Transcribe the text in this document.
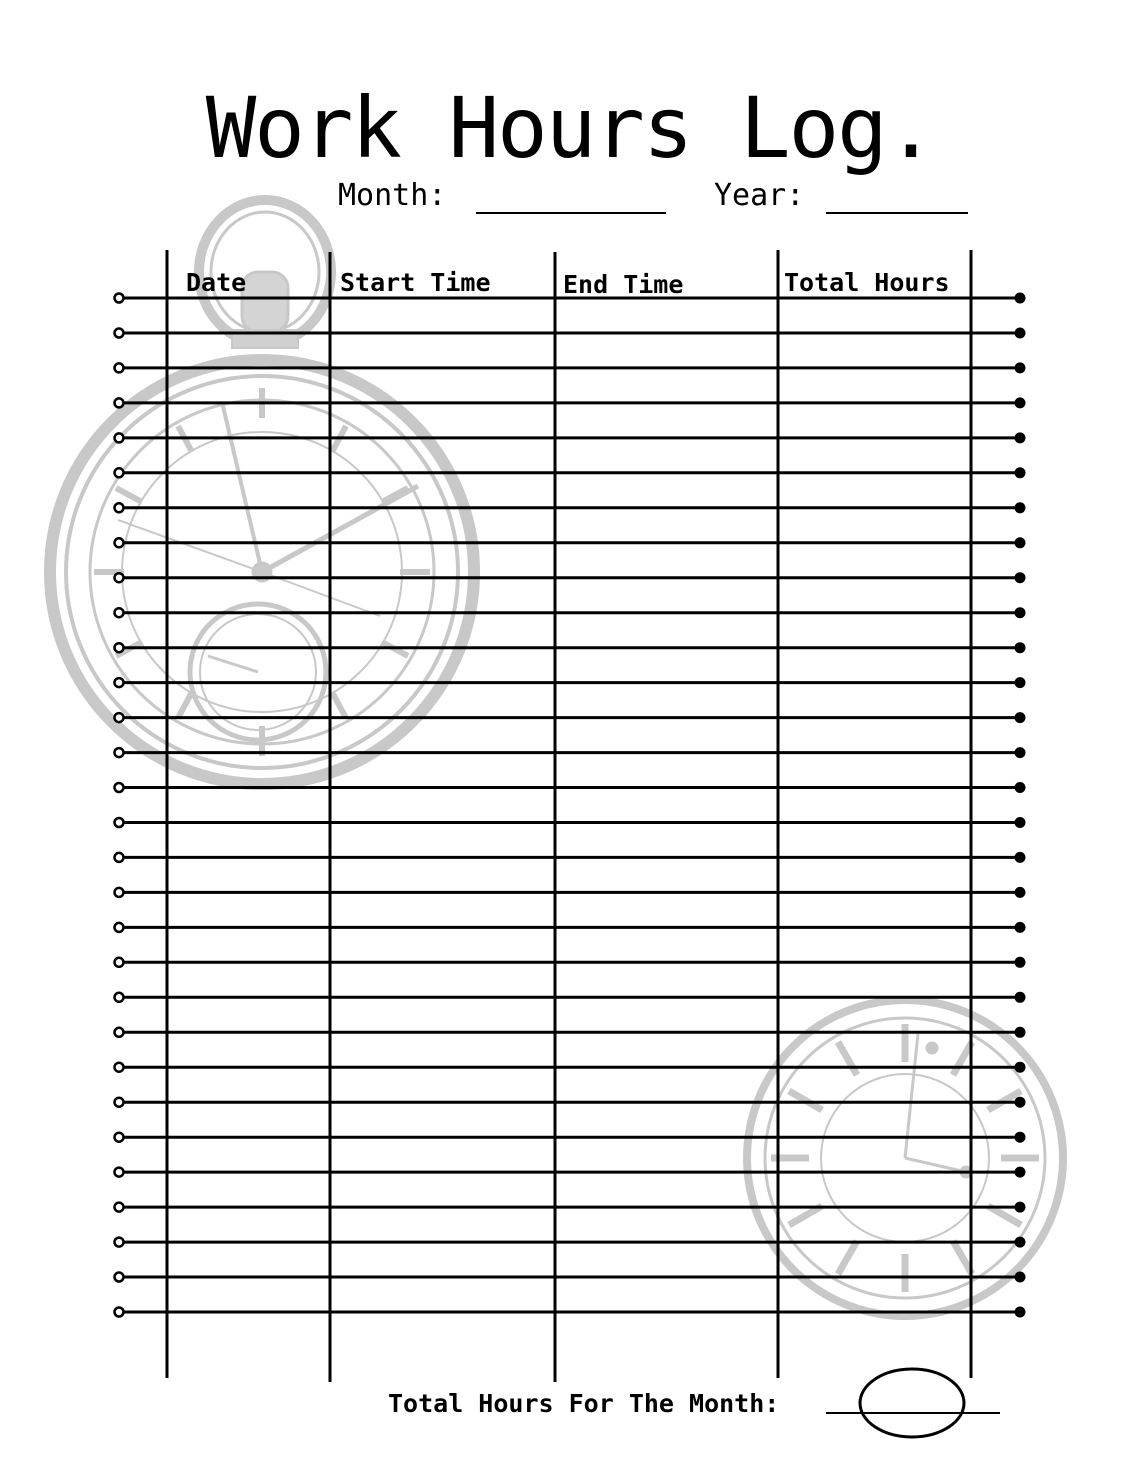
Work Hours Log.
Month:	Year:
Date	Start Time	End Time	Total Hours
Total Hours For The Month:
